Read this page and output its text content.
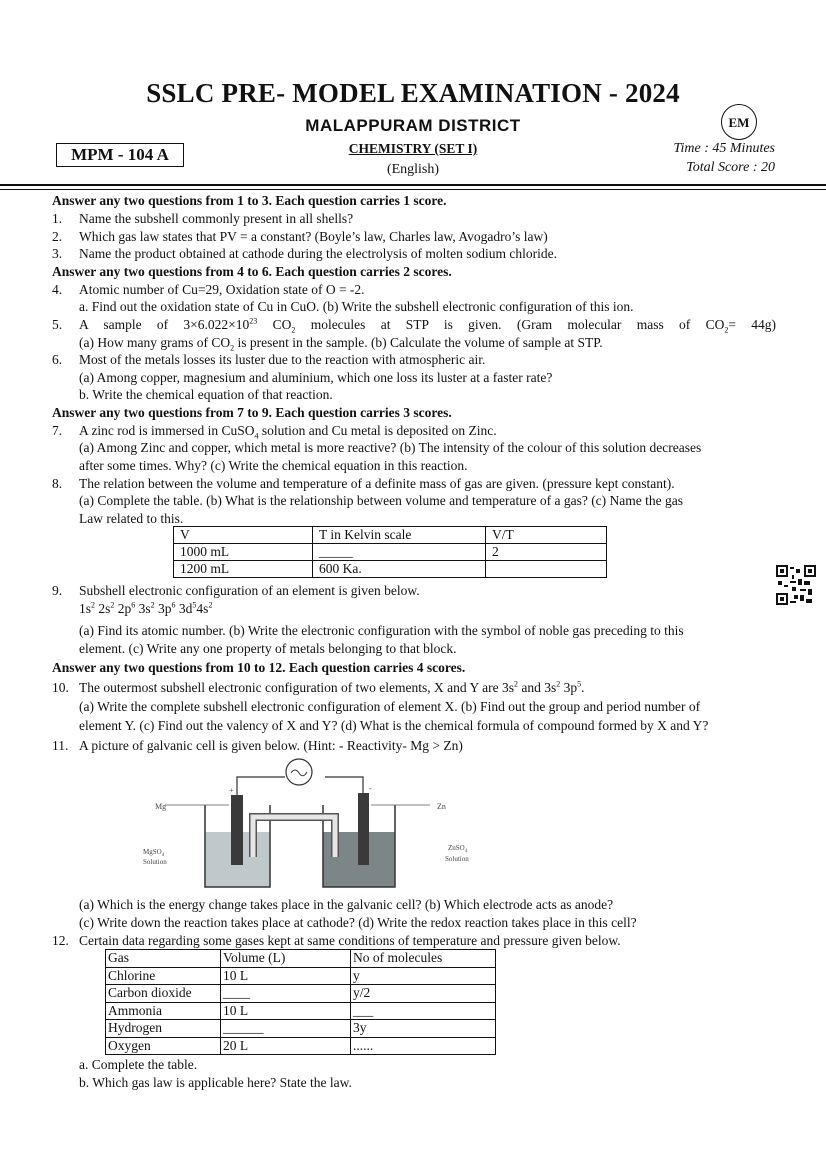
SSLC PRE- MODEL EXAMINATION - 2024
MALAPPURAM DISTRICT	EM
MPM - 104 A	CHEMISTRY (SET I)
(English)
Time : 45 Minutes
Total Score : 20
Answer any two questions from 1 to 3. Each question carries 1 score.
1. Name the subshell commonly present in all shells?
2. Which gas law states that PV = a constant? (Boyle’s law, Charles law, Avogadro’s law)
3. Name the product obtained at cathode during the electrolysis of molten sodium chloride.
Answer any two questions from 4 to 6. Each question carries 2 scores.
4. Atomic number of Cu=29, Oxidation state of O = -2.
a. Find out the oxidation state of Cu in CuO. (b) Write the subshell electronic configuration of this ion.
5. A sample of $3\times 6.022\times 10^{23}$ $CO_2$ molecules at STP is given. (Gram molecular mass of $CO_2= 44g$)
(a) How many grams of $CO_2$ is present in the sample. (b) Calculate the volume of sample at STP.
6. Most of the metals losses its luster due to the reaction with atmospheric air.
(a) Among copper, magnesium and aluminium, which one loss its luster at a faster rate?
b. Write the chemical equation of that reaction.
Answer any two questions from 7 to 9. Each question carries 3 scores.
7. A zinc rod is immersed in CuSO$_4$ solution and Cu metal is deposited on Zinc.
(a) Among Zinc and copper, which metal is more reactive? (b) The intensity of the colour of this solution decreases
after some times. Why? (c) Write the chemical equation in this reaction.
8. The relation between the volume and temperature of a definite mass of gas are given. (pressure kept constant).
(a) Complete the table. (b) What is the relationship between volume and temperature of a gas? (c) Name the gas
Law related to this.
V	T in Kelvin scale	V/T
1000 mL	_____	2
1200 mL	600 Ka.	
9. Subshell electronic configuration of an element is given below.
$1s^2$ $2s^2$ $2p^6$ $3s^2$ $3p^6$ $3d^54s^2$
(a) Find its atomic number. (b) Write the electronic configuration with the symbol of noble gas preceding to this
element. (c) Write any one property of metals belonging to that block.
Answer any two questions from 10 to 12. Each question carries 4 scores.
10. The outermost subshell electronic configuration of two elements, X and Y are $3s^2$ and $3s^2$ $3p^5$.
(a) Write the complete subshell electronic configuration of element X. (b) Find out the group and period number of
element Y. (c) Find out the valency of X and Y? (d) What is the chemical formula of compound formed by X and Y?
11. A picture of galvanic cell is given below. (Hint: - Reactivity- Mg > Zn)
Mg	Zn
+	-
MgSO$_4$
Solution
ZnSO$_4$
Solution
(a) Which is the energy change takes place in the galvanic cell? (b) Which electrode acts as anode?
(c) Write down the reaction takes place at cathode? (d) Write the redox reaction takes place in this cell?
12. Certain data regarding some gases kept at same conditions of temperature and pressure given below.
Gas	Volume (L)	No of molecules
Chlorine	10 L	y
Carbon dioxide	____	y/2
Ammonia	10 L	___
Hydrogen	______	3y
Oxygen	20 L	......
a. Complete the table.
b. Which gas law is applicable here? State the law.
